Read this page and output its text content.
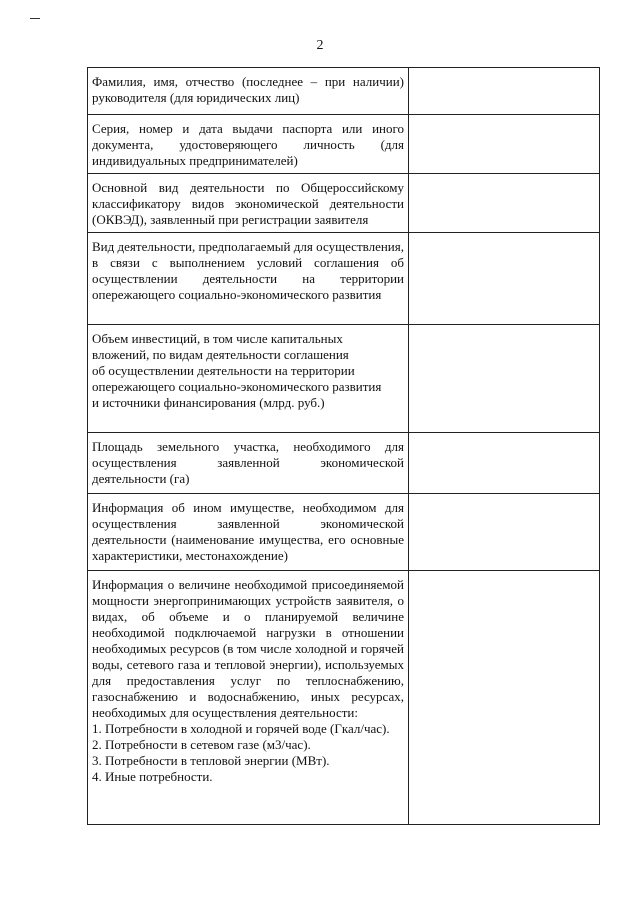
2
Фамилия, имя, отчество (последнее – при наличии) руководителя (для юридических лиц)	

Серия, номер и дата выдачи паспорта или иного документа, удостоверяющего личность (для индивидуальных предпринимателей)	

Основной вид деятельности по Общероссийскому классификатору видов экономической деятельности (ОКВЭД), заявленный при регистрации заявителя	

Вид деятельности, предполагаемый для осуществления, в связи с выполнением условий соглашения об осуществлении деятельности на территории опережающего социально-экономического развития	

Объем инвестиций, в том числе капитальных
вложений, по видам деятельности соглашения
об осуществлении деятельности на территории
опережающего социально-экономического развития
и источники финансирования (млрд. руб.)	

Площадь земельного участка, необходимого для осуществления заявленной экономической деятельности (га)	

Информация об ином имуществе, необходимом для осуществления заявленной экономической деятельности (наименование имущества, его основные характеристики, местонахождение)	

Информация о величине необходимой присоединяемой мощности энергопринимающих устройств заявителя, о видах, об объеме и о планируемой величине необходимой подключаемой нагрузки в отношении необходимых ресурсов (в том числе холодной и горячей воды, сетевого газа и тепловой энергии), используемых для предоставления услуг по теплоснабжению, газоснабжению и водоснабжению, иных ресурсах, необходимых для осуществления деятельности:
1. Потребности в холодной и горячей воде (Гкал/час).
2. Потребности в сетевом газе (м3/час).
3. Потребности в тепловой энергии (МВт).
4. Иные потребности.	
